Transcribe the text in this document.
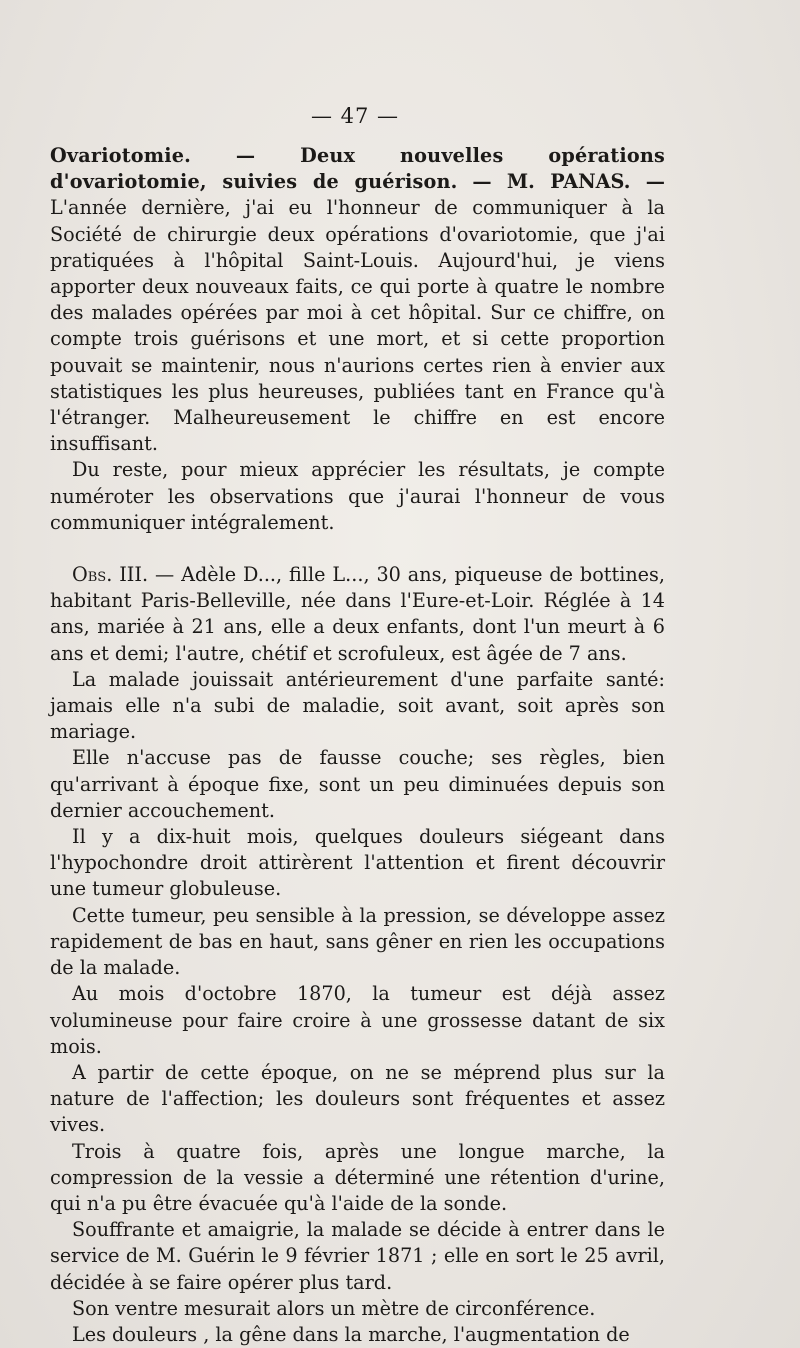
— 47 —

Ovariotomie. — Deux nouvelles opérations d'ovariotomie, suivies de guérison. — M. PANAS. — L'année dernière, j'ai eu l'honneur de communiquer à la Société de chirurgie deux opérations d'ovariotomie, que j'ai pratiquées à l'hôpital Saint-Louis. Aujourd'hui, je viens apporter deux nouveaux faits, ce qui porte à quatre le nombre des malades opérées par moi à cet hôpital. Sur ce chiffre, on compte trois guérisons et une mort, et si cette proportion pouvait se maintenir, nous n'aurions certes rien à envier aux statistiques les plus heureuses, publiées tant en France qu'à l'étranger. Malheureusement le chiffre en est encore insuffisant.

Du reste, pour mieux apprécier les résultats, je compte numéroter les observations que j'aurai l'honneur de vous communiquer intégralement.

Obs. III. — Adèle D..., fille L..., 30 ans, piqueuse de bottines, habitant Paris-Belleville, née dans l'Eure-et-Loir. Réglée à 14 ans, mariée à 21 ans, elle a deux enfants, dont l'un meurt à 6 ans et demi; l'autre, chétif et scrofuleux, est âgée de 7 ans.

La malade jouissait antérieurement d'une parfaite santé: jamais elle n'a subi de maladie, soit avant, soit après son mariage.

Elle n'accuse pas de fausse couche; ses règles, bien qu'arrivant à époque fixe, sont un peu diminuées depuis son dernier accouchement.

Il y a dix-huit mois, quelques douleurs siégeant dans l'hypochondre droit attirèrent l'attention et firent découvrir une tumeur globuleuse.

Cette tumeur, peu sensible à la pression, se développe assez rapidement de bas en haut, sans gêner en rien les occupations de la malade.

Au mois d'octobre 1870, la tumeur est déjà assez volumineuse pour faire croire à une grossesse datant de six mois.

A partir de cette époque, on ne se méprend plus sur la nature de l'affection; les douleurs sont fréquentes et assez vives.

Trois à quatre fois, après une longue marche, la compression de la vessie a déterminé une rétention d'urine, qui n'a pu être évacuée qu'à l'aide de la sonde.

Souffrante et amaigrie, la malade se décide à entrer dans le service de M. Guérin le 9 février 1871 ; elle en sort le 25 avril, décidée à se faire opérer plus tard.

Son ventre mesurait alors un mètre de circonférence.

Les douleurs , la gêne dans la marche, l'augmentation de
